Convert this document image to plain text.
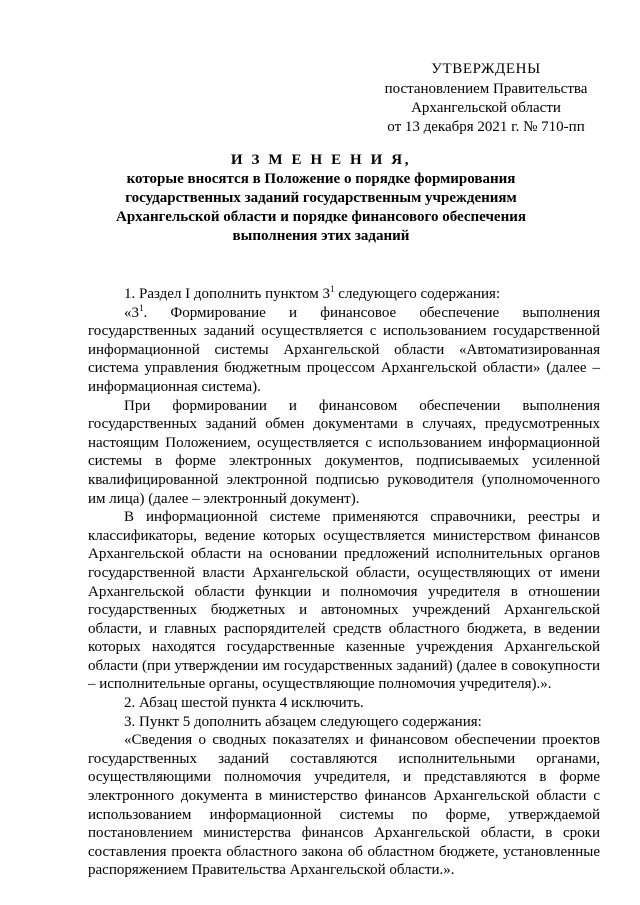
УТВЕРЖДЕНЫ
постановлением Правительства
Архангельской области
от 13 декабря 2021 г. № 710-пп
И З М Е Н Е Н И Я,
которые вносятся в Положение о порядке формирования
государственных заданий государственным учреждениям
Архангельской области и порядке финансового обеспечения
выполнения этих заданий

1. Раздел I дополнить пунктом $3^1$ следующего содержания:

«$3^1$. Формирование и финансовое обеспечение выполнения государственных заданий осуществляется с использованием государственной информационной системы Архангельской области «Автоматизированная система управления бюджетным процессом Архангельской области» (далее – информационная система).

При формировании и финансовом обеспечении выполнения государственных заданий обмен документами в случаях, предусмотренных настоящим Положением, осуществляется с использованием информационной системы в форме электронных документов, подписываемых усиленной квалифицированной электронной подписью руководителя (уполномоченного им лица) (далее – электронный документ).

В информационной системе применяются справочники, реестры и классификаторы, ведение которых осуществляется министерством финансов Архангельской области на основании предложений исполнительных органов государственной власти Архангельской области, осуществляющих от имени Архангельской области функции и полномочия учредителя в отношении государственных бюджетных и автономных учреждений Архангельской области, и главных распорядителей средств областного бюджета, в ведении которых находятся государственные казенные учреждения Архангельской области (при утверждении им государственных заданий) (далее в совокупности – исполнительные органы, осуществляющие полномочия учредителя).».

2. Абзац шестой пункта 4 исключить.

3. Пункт 5 дополнить абзацем следующего содержания:

«Сведения о сводных показателях и финансовом обеспечении проектов государственных заданий составляются исполнительными органами, осуществляющими полномочия учредителя, и представляются в форме электронного документа в министерство финансов Архангельской области с использованием информационной системы по форме, утверждаемой постановлением министерства финансов Архангельской области, в сроки составления проекта областного закона об областном бюджете, установленные распоряжением Правительства Архангельской области.».
